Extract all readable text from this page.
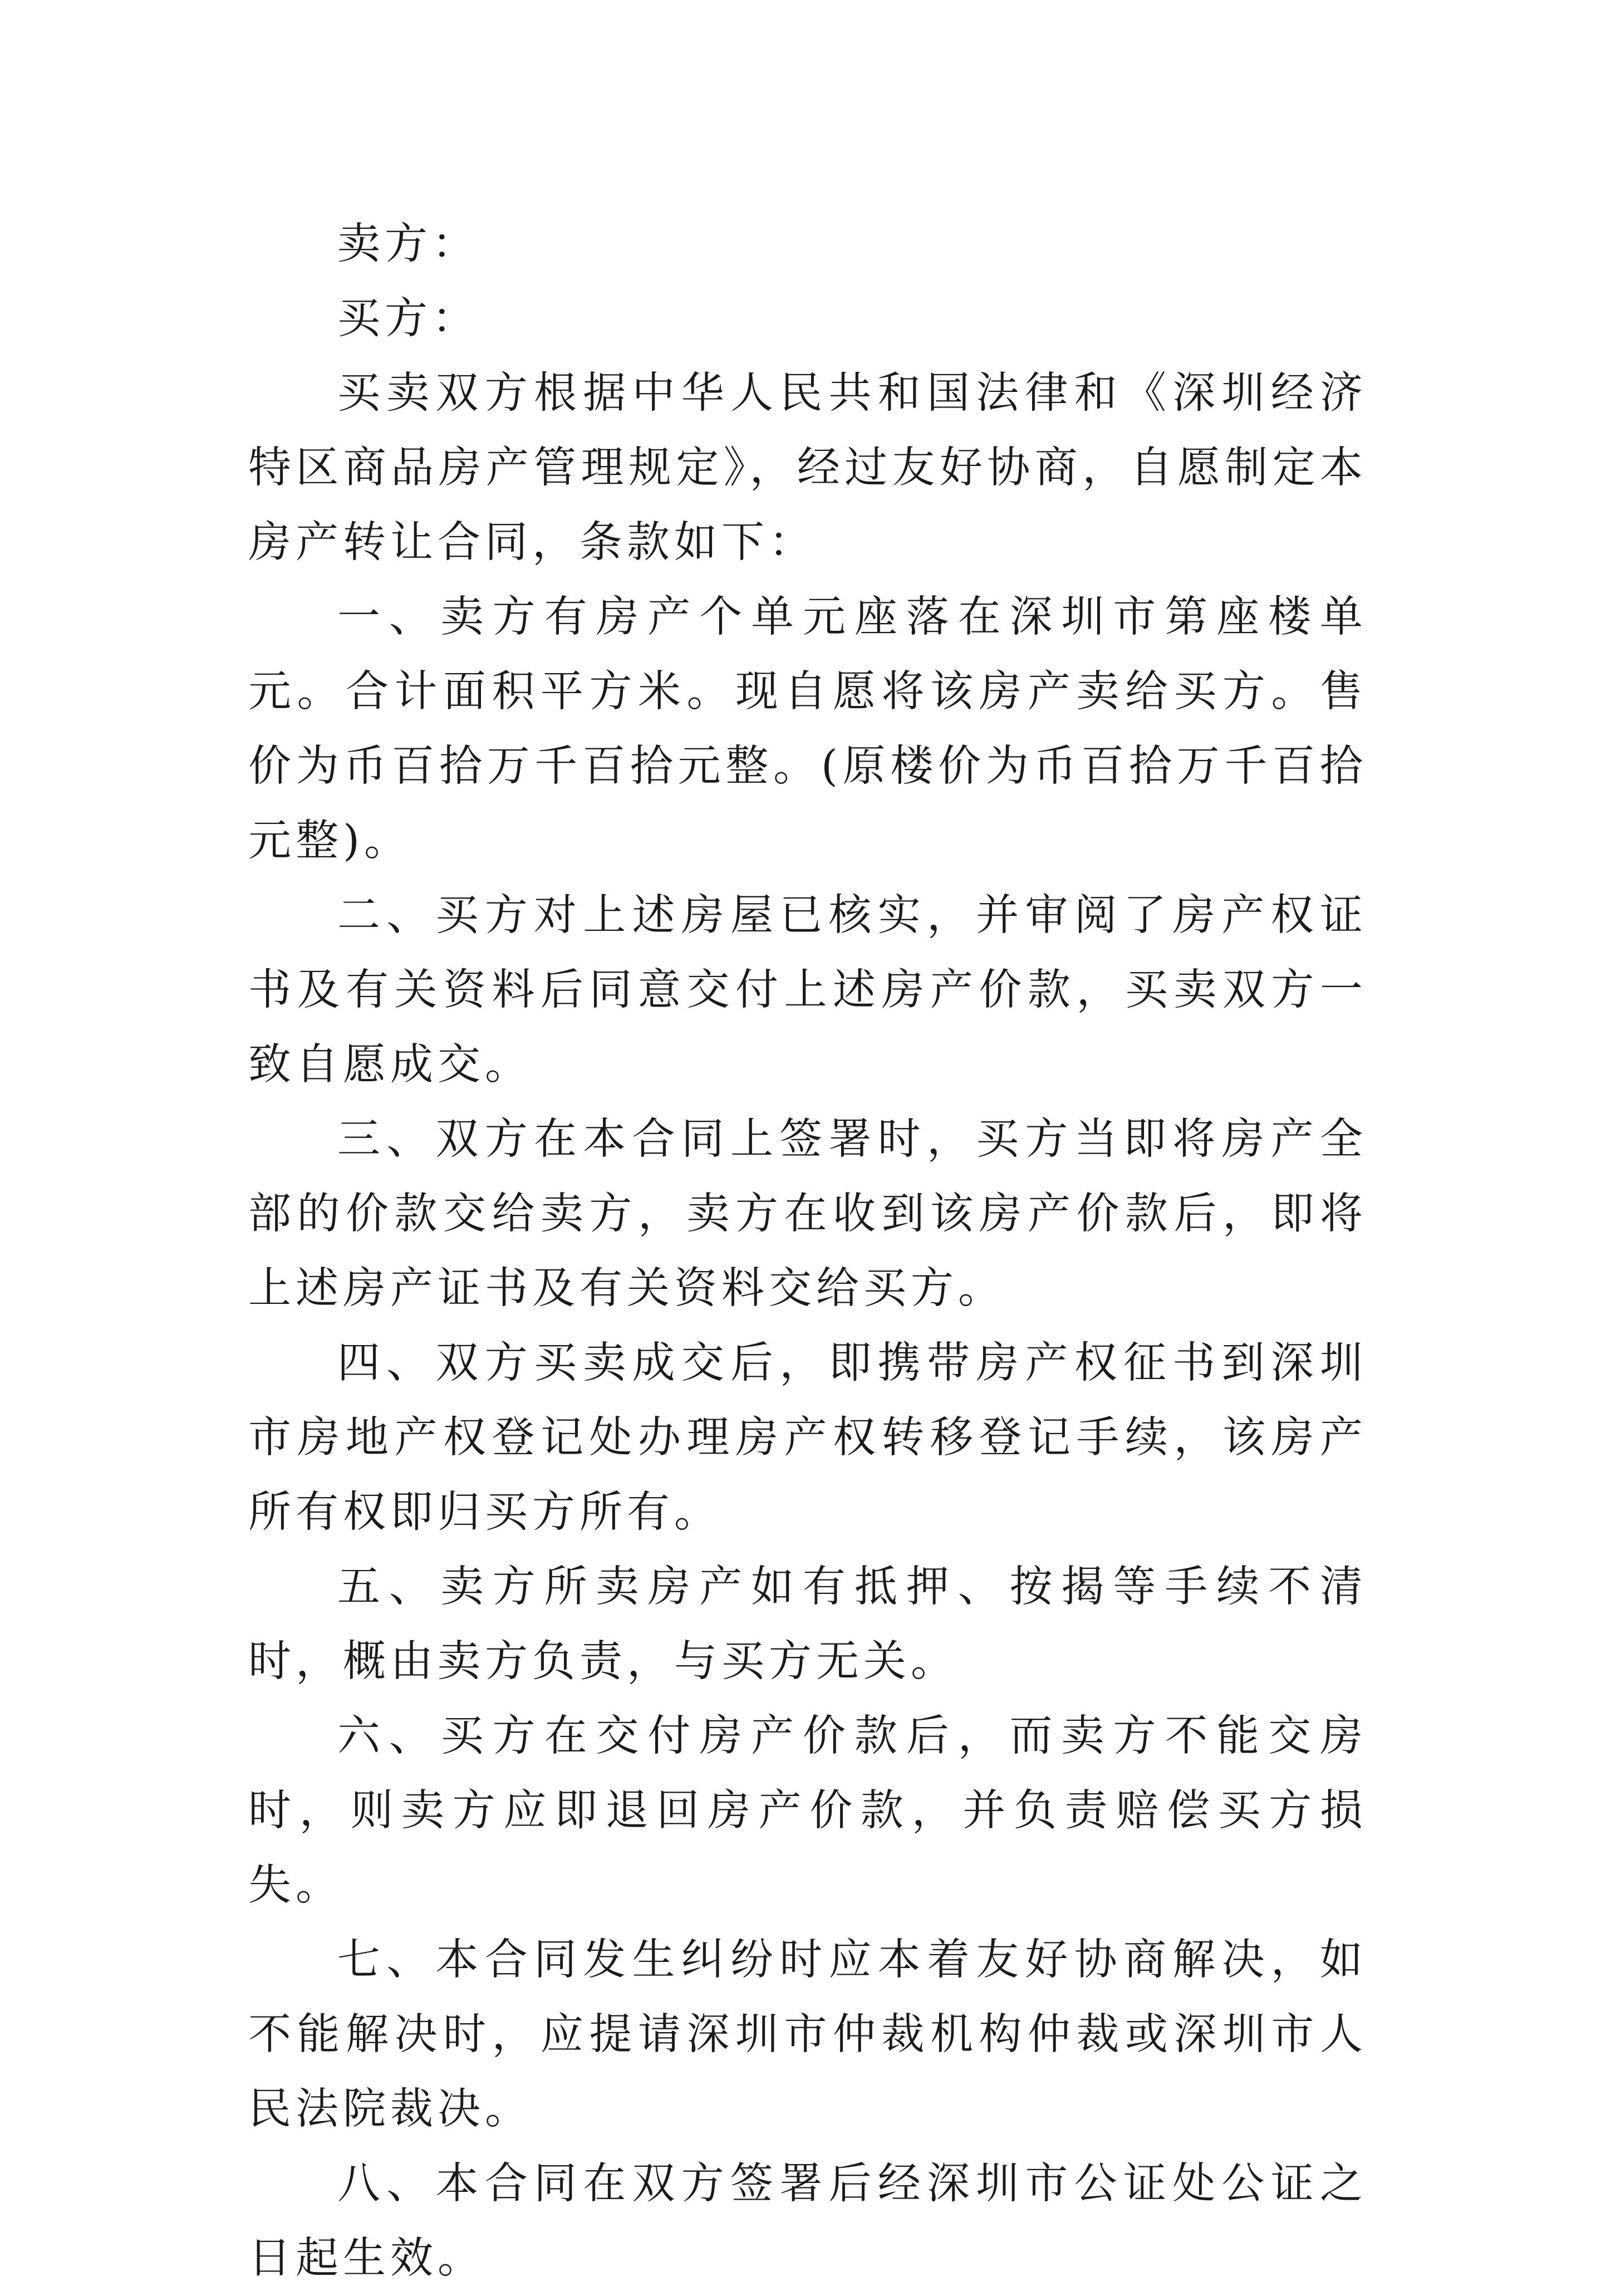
卖方：

买方：

买卖双方根据中华人民共和国法律和《深圳经济特区商品房产管理规定》，经过友好协商，自愿制定本房产转让合同，条款如下：

一、卖方有房产个单元座落在深圳市第座楼单元。合计面积平方米。现自愿将该房产卖给买方。售价为币百拾万千百拾元整。(原楼价为币百拾万千百拾元整)。

二、买方对上述房屋已核实，并审阅了房产权证书及有关资料后同意交付上述房产价款，买卖双方一致自愿成交。

三、双方在本合同上签署时，买方当即将房产全部的价款交给卖方，卖方在收到该房产价款后，即将上述房产证书及有关资料交给买方。

四、双方买卖成交后，即携带房产权征书到深圳市房地产权登记处办理房产权转移登记手续，该房产所有权即归买方所有。

五、卖方所卖房产如有抵押、按揭等手续不清时，概由卖方负责，与买方无关。

六、买方在交付房产价款后，而卖方不能交房时，则卖方应即退回房产价款，并负责赔偿买方损失。

七、本合同发生纠纷时应本着友好协商解决，如不能解决时，应提请深圳市仲裁机构仲裁或深圳市人民法院裁决。

八、本合同在双方签署后经深圳市公证处公证之日起生效。
